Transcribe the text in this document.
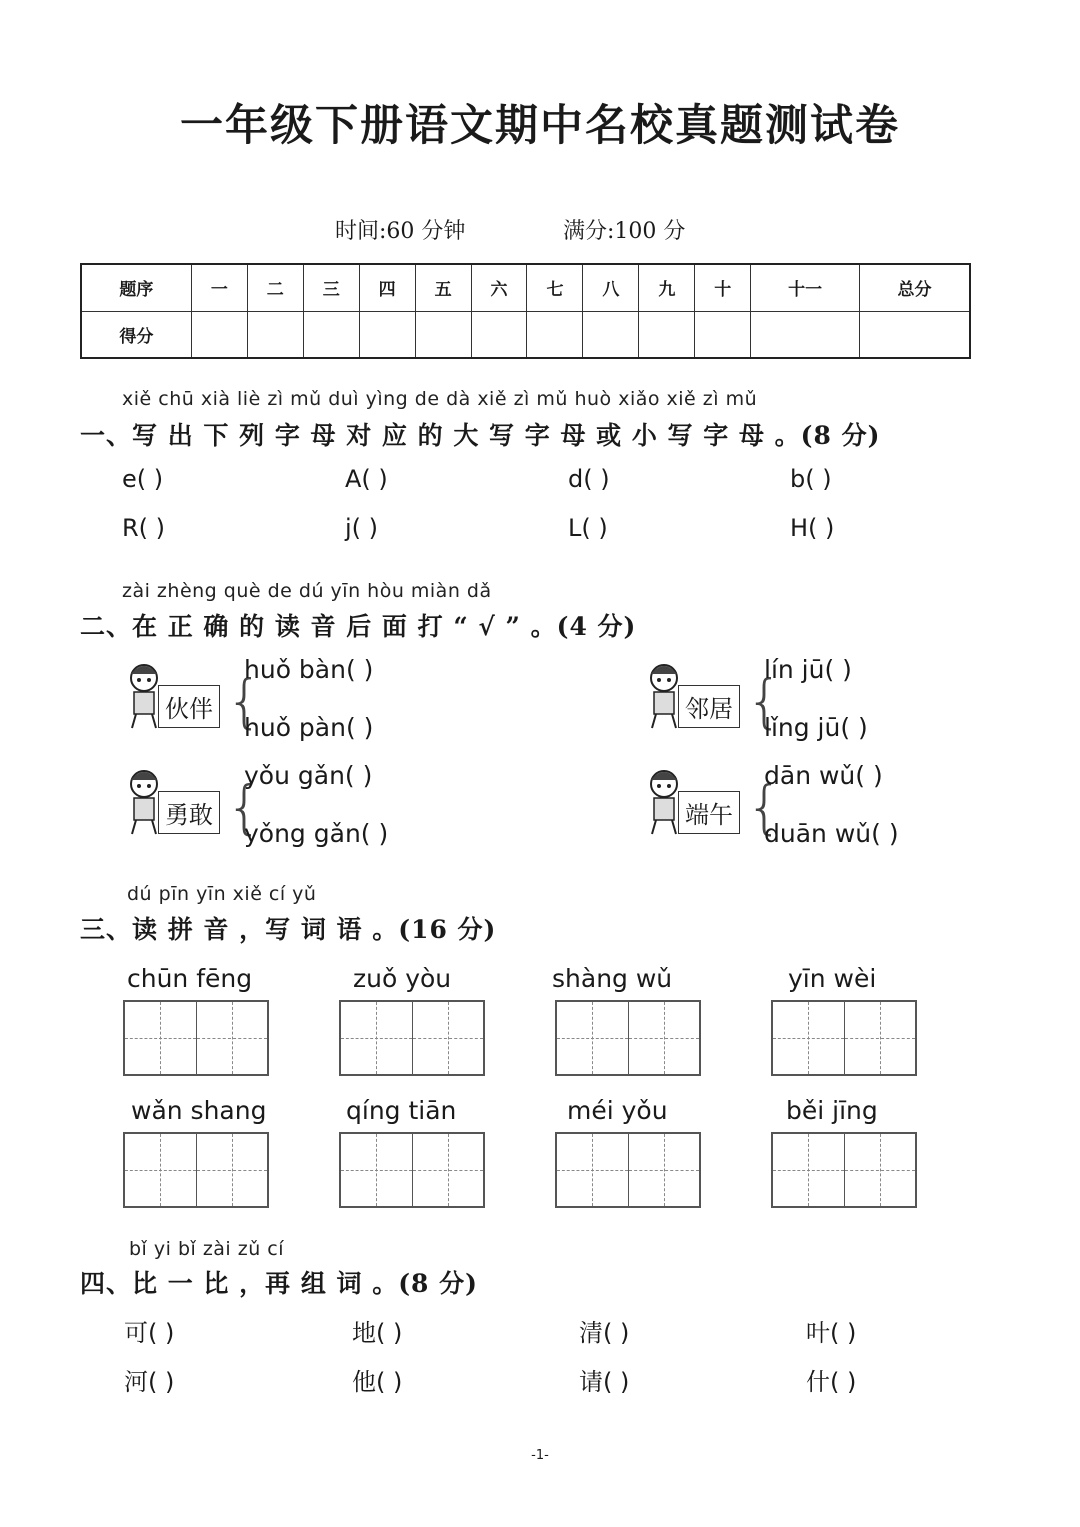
一年级下册语文期中名校真题测试卷
时间:60 分钟	满分:100 分
题序	一	二	三	四	五	六	七	八	九	十	十一	总分
得分												
xiě chū xià liè zì mǔ duì yìng de dà xiě zì mǔ huò xiǎo xiě zì mǔ
一、写 出 下 列 字 母 对 应 的 大 写 字 母 或 小 写 字 母 。(8 分)
e( )	A( )	d( )	b( )
R( )	j( )	L( )	H( )
zài zhèng què de dú yīn hòu miàn dǎ
二、在 正 确 的 读 音 后 面 打 “ √ ” 。(4 分)
伙伴 {
huǒ bàn( )
huǒ pàn( )
邻居 {
lín jū( )
lǐng jū( )
勇敢 {
yǒu gǎn( )
yǒng gǎn( )
端午 {
dān wǔ( )
duān wǔ( )
dú pīn yīn xiě cí yǔ
三、读 拼 音 ，写 词 语 。(16 分)
chūn fēng	zuǒ yòu	shàng wǔ	yīn wèi
wǎn shang	qíng tiān	méi yǒu	běi jīng
bǐ yi bǐ zài zǔ cí
四、比 一 比 ，再 组 词 。(8 分)
可( )	地( )	清( )	叶( )
河( )	他( )	请( )	什( )
-1-
